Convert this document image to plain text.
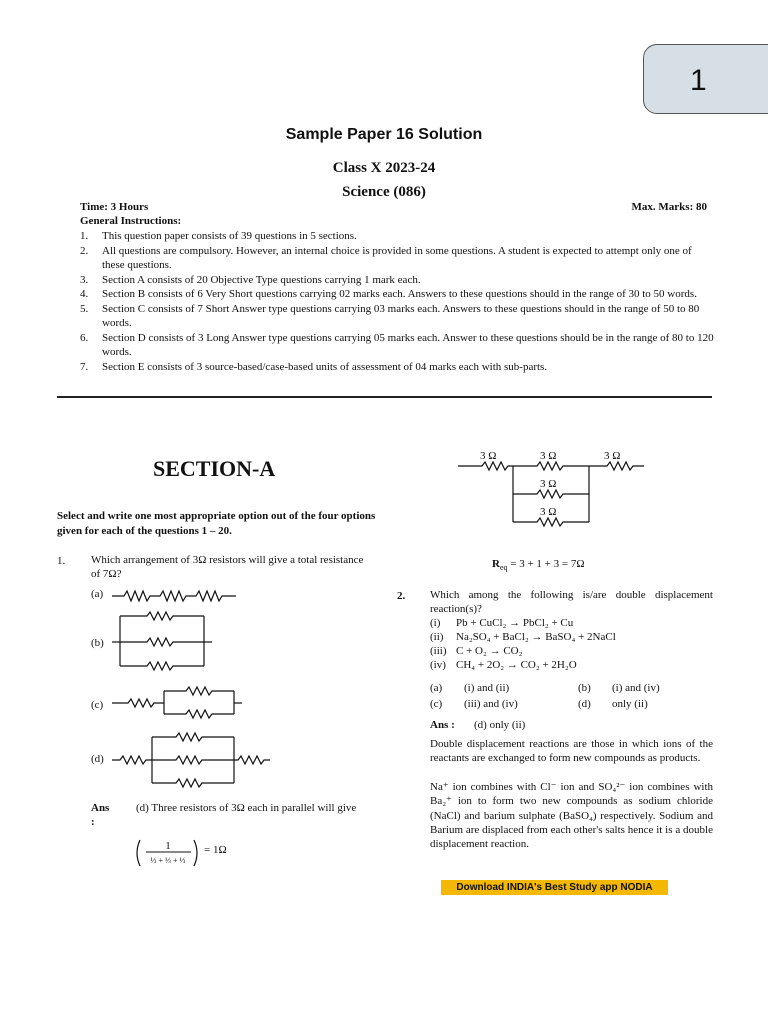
1
Sample Paper 16 Solution
Class X 2023-24
Science (086)
Time: 3 Hours	Max. Marks: 80
General Instructions:
1.	This question paper consists of 39 questions in 5 sections.
2.	All questions are compulsory. However, an internal choice is provided in some questions. A student is expected to attempt only one of these questions.
3.	Section A consists of 20 Objective Type questions carrying 1 mark each.
4.	Section B consists of 6 Very Short questions carrying 02 marks each. Answers to these questions should in the range of 30 to 50 words.
5.	Section C consists of 7 Short Answer type questions carrying 03 marks each. Answers to these questions should in the range of 50 to 80 words.
6.	Section D consists of 3 Long Answer type questions carrying 05 marks each. Answer to these questions should be in the range of 80 to 120 words.
7.	Section E consists of 3 source-based/case-based units of assessment of 04 marks each with sub-parts.
SECTION-A
Select and write one most appropriate option out of the four options given for each of the questions 1 – 20.
1. Which arrangement of 3Ω resistors will give a total resistance of 7Ω?
(a)
(b)
(c)
(d)
Ans :
(d) Three resistors of 3Ω each in parallel will give
1
⅓ + ⅓ + ⅓
= 1Ω
3 Ω	3 Ω	3 Ω
3 Ω
3 Ω
$R_{eq} = 3 + 1 + 3 = 7\Omega$
2. Which among the following is/are double displacement reaction(s)?
(i) Pb + CuCl₂ → PbCl₂ + Cu
(ii) Na₂SO₄ + BaCl₂ → BaSO₄ + 2NaCl
(iii) C + O₂ → CO₂
(iv) CH₄ + 2O₂ → CO₂ + 2H₂O
(a)	(i) and (ii)	(b)	(i) and (iv)
(c)	(iii) and (iv)	(d)	only (ii)
Ans : (d) only (ii)

Double displacement reactions are those in which ions of the reactants are exchanged to form new compounds as products.

Na⁺ ion combines with Cl⁻ ion and SO₄²⁻ ion combines with Ba₂⁺ ion to form two new compounds as sodium chloride (NaCl) and barium sulphate (BaSO₄) respectively. Sodium and Barium are displaced from each other's salts hence it is a double displacement reaction.

Download INDIA's Best Study app NODIA
